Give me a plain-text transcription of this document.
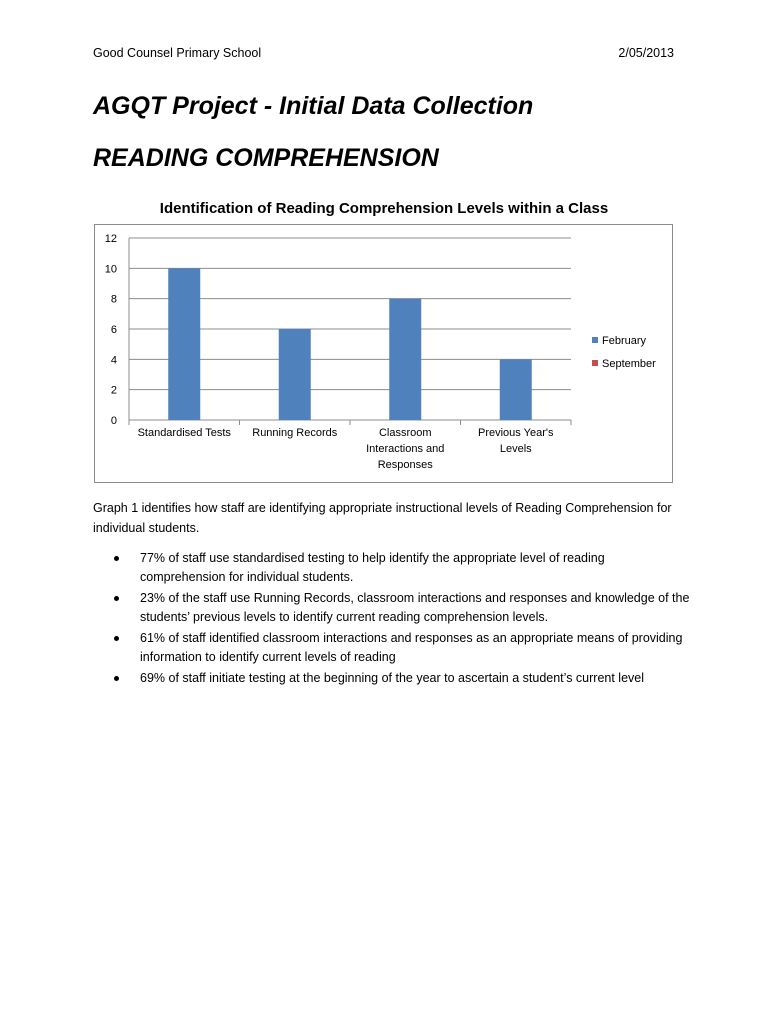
Good Counsel Primary School	2/05/2013
AGQT Project - Initial Data Collection
READING COMPREHENSION
Identification of Reading Comprehension Levels within a Class
0
2
4
6
8
10
12
Standardised Tests Running Records	Classroom
Interactions and
Responses
Previous Year's
Levels
February
September
Graph 1 identifies how staff are identifying appropriate instructional levels of Reading Comprehension for individual students.
77% of staff use standardised testing to help identify the appropriate level of reading comprehension for individual students.
23% of the staff use Running Records, classroom interactions and responses and knowledge of the students’ previous levels to identify current reading comprehension levels.
61% of staff identified classroom interactions and responses as an appropriate means of providing information to identify current levels of reading
69% of staff initiate testing at the beginning of the year to ascertain a student’s current level
